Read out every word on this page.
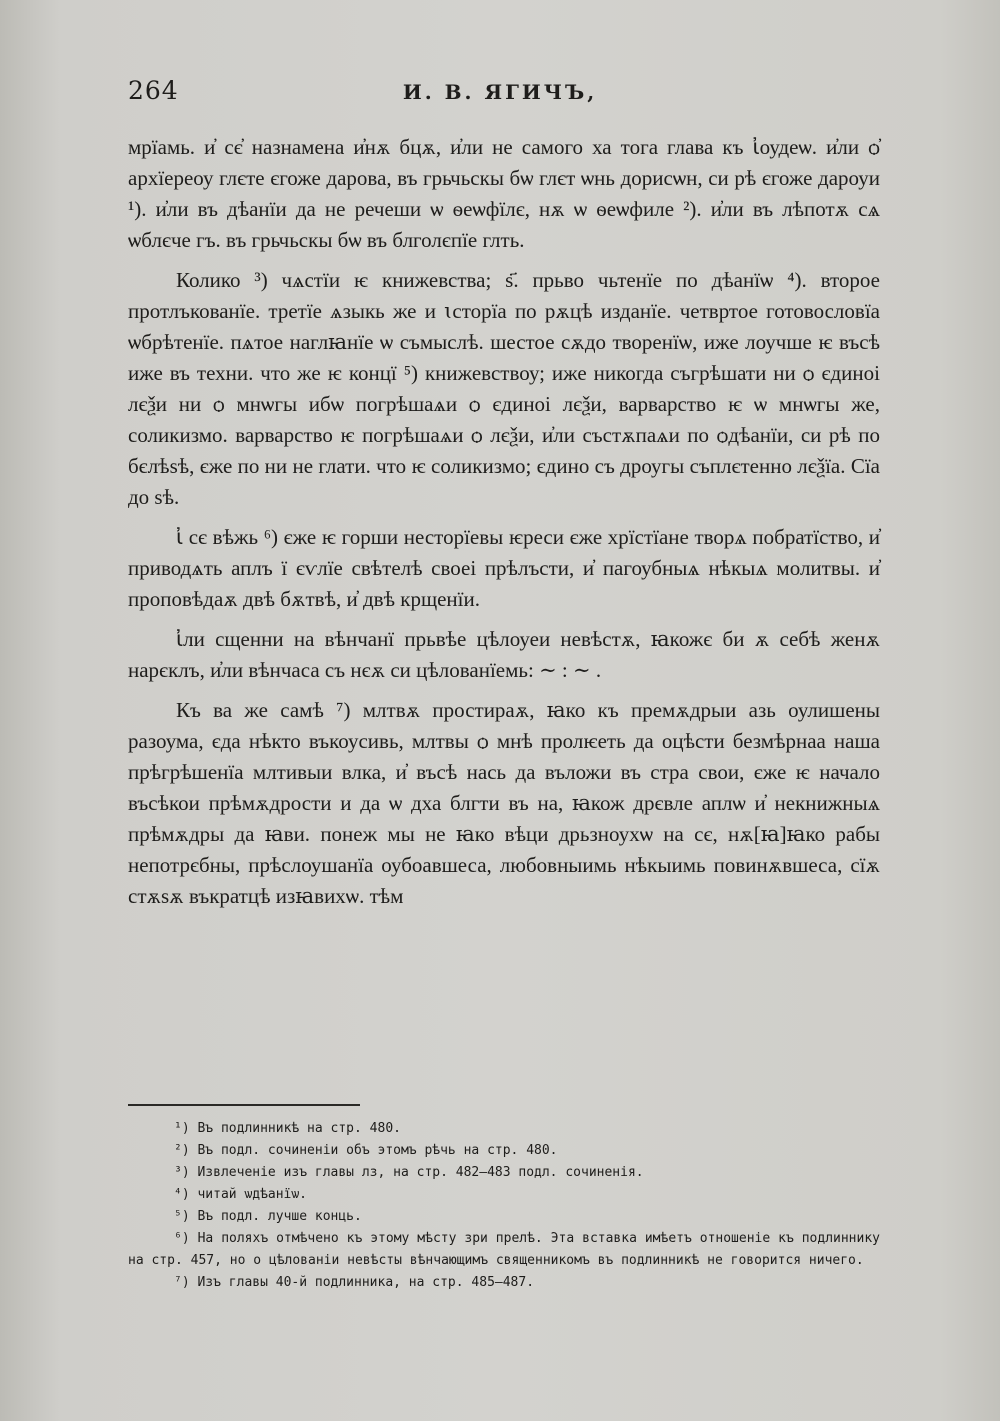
264	И. В. ЯГИЧЪ,

мрїамь. и҆ сє҆ назнамена и҆нѫ бцѫ, и҆ли не самого ха тога глава къ ꙇ҆оудеѡ. и҆ли ѻ҆ архїереоу глєте єгоже дарова, въ грьчьскы бѡ глєт ѡнь дорисѡн, си рѣ єгоже дароуи ¹). и҆ли въ дѣанїи да не речеши ѡ ѳеѡфїлє, нѫ ѡ ѳеѡфиле ²). и҆ли въ лѣпотѫ сѧ ѡблєче гъ. въ грьчьскы бѡ въ блголєпїе глть.

Колико ³) чѧстїи ѥ книжевства; ѕ҃. прьво чьтенїе по дѣанїѡ ⁴). второе протлъкованїе. третїе ѧзыкь же и ꙇсторїа по рѫцѣ изданїе. четвртое готовословїа ѡбрѣтенїе. пѧтое наглꙗнїе ѡ съмыслѣ. шестое сѫдо творенїѡ, иже лоучше ѥ въсѣ иже въ техни. что же ѥ концї ⁵) книжевствоу; иже никогда съгрѣшати ни ѻ єдиноi лєѯи ни ѻ мнѡгы ибѡ погрѣшаѧи ѻ єдиноi лєѯи, варварство ѥ ѡ мнѡгы же, соликизмо. варварство ѥ погрѣшаѧи ѻ лєѯи, и҆ли състѫпаѧи по ѻдѣанїи, си рѣ по бєлѣѕѣ, єже по ни не глати. что ѥ соликизмо; єдино съ дроугы съплєтенно лєѯїа. Сїа до ѕѣ.

ꙇ҆ сє вѣжь ⁶) єже ѥ горши несторїевы ѥреси єже хрїстїане творѧ побратїство, и҆ приводѧть аплъ ї єѵлїе свѣтелѣ своеi прѣлъсти, и҆ пагоубныѧ нѣкыѧ молитвы. и҆ проповѣдаѫ двѣ бѫтвѣ, и҆ двѣ крщенїи.

ꙇ҆ли сщенни на вѣнчанї прьвѣе цѣлоуеи невѣстѫ, ꙗкожє би ѫ себѣ женѫ нарєклъ, и҆ли вѣнчаса съ нєѫ си цѣлованїемь: ∼ : ∼ .

Къ ва же самѣ ⁷) млтвѫ простираѫ, ꙗко къ премѫдрыи азь оулишены разоума, єда нѣкто въкоусивь, млтвы ѻ мнѣ пролѥеть да оцѣсти безмѣрнаа наша прѣгрѣшенїа млтивыи влка, и҆ въсѣ нась да въложи въ стра свои, єже ѥ начало въсѣкои прѣмѫдрости и да ѡ дха блгти въ на, ꙗкож дрєвле аплѡ и҆ некнижныѧ прѣмѫдры да ꙗви. понеж мы не ꙗко вѣци дрьзноухѡ на сє, нѫ[ꙗ]ꙗко рабы непотрєбны, прѣслоушанїа оубоавшеса, любовныимь нѣкыимь повинѫвшеса, сїѫ стѫѕѫ въкратцѣ изꙗвихѡ. тѣм

¹) Въ подлинникѣ на стр. 480.

²) Въ подл. сочиненіи объ этомъ рѣчь на стр. 480.

³) Извлеченіе изъ главы лз, на стр. 482—483 подл. сочиненія.

⁴) читай ѡдѣанїѡ.

⁵) Въ подл. лучше конць.

⁶) На поляхъ отмѣчено къ этому мѣсту зри прелѣ. Эта вставка имѣетъ отношеніе къ подлиннику на стр. 457, но о цѣлованіи невѣсты вѣнчающимъ священникомъ въ подлинникѣ не говорится ничего.

⁷) Изъ главы 40-й подлинника, на стр. 485—487.
